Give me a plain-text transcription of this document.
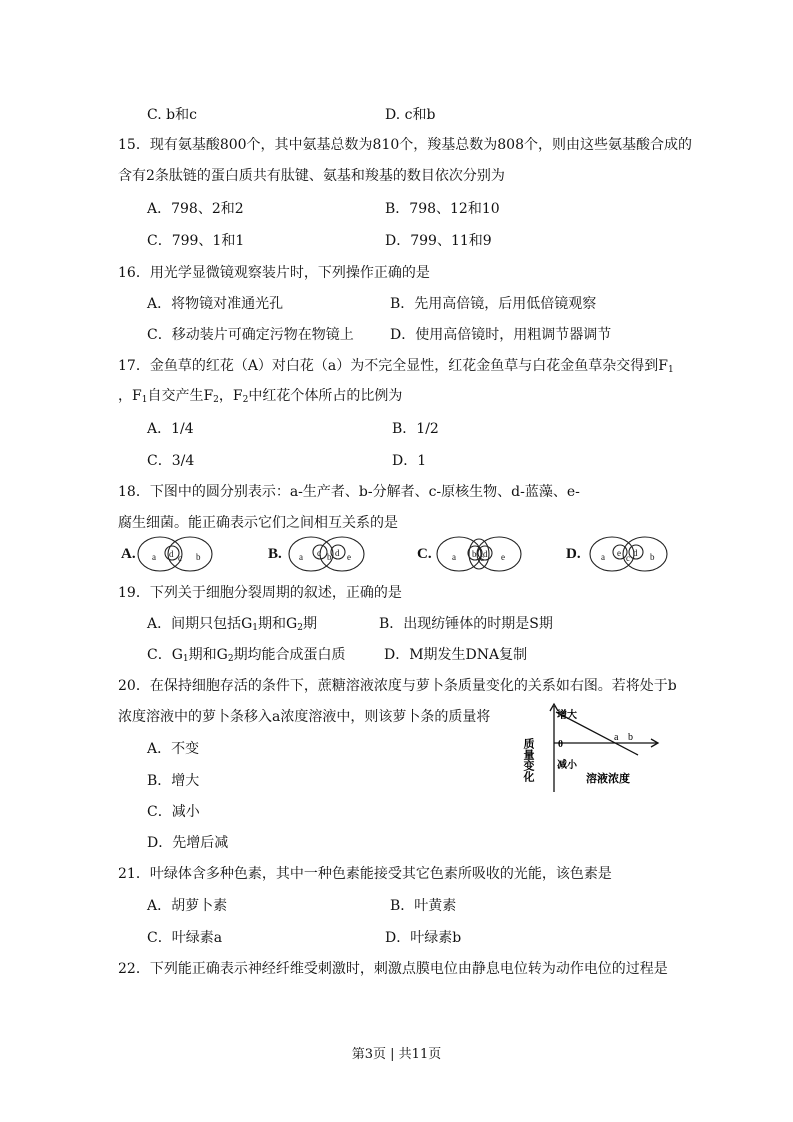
C. b和c	D. c和b
15．现有氨基酸800个，其中氨基总数为810个，羧基总数为808个，则由这些氨基酸合成的
含有2条肽链的蛋白质共有肽键、氨基和羧基的数目依次分别为
A．798、2和2	B．798、12和10
C．799、1和1	D．799、11和9
16．用光学显微镜观察装片时，下列操作正确的是
A．将物镜对准通光孔	B．先用高倍镜，后用低倍镜观察
C．移动装片可确定污物在物镜上	D．使用高倍镜时，用粗调节器调节
17．金鱼草的红花（A）对白花（a）为不完全显性，红花金鱼草与白花金鱼草杂交得到$F_1$
，$F_1$自交产生$F_2$，$F_2$中红花个体所占的比例为
A．1/4	B．1/2
C．3/4	D．1
18．下图中的圆分别表示：a-生产者、b-分解者、c-原核生物、d-蓝藻、e-
腐生细菌。能正确表示它们之间相互关系的是
A.	B.	C.	D.
a d c b	a c b d e	a b c d e	a e c d b
19．下列关于细胞分裂周期的叙述，正确的是
A．间期只包括$G_1$期和$G_2$期	B．出现纺锤体的时期是S期
C．$G_1$期和$G_2$期均能合成蛋白质	D．M期发生DNA复制
20．在保持细胞存活的条件下，蔗糖溶液浓度与萝卜条质量变化的关系如右图。若将处于b
浓度溶液中的萝卜条移入a浓度溶液中，则该萝卜条的质量将
A．不变
B．增大
C．减小
D．先增后减
质量变化
增大
0
减小
a b
溶液浓度
21．叶绿体含多种色素，其中一种色素能接受其它色素所吸收的光能，该色素是
A．胡萝卜素	B．叶黄素
C．叶绿素a	D．叶绿素b
22．下列能正确表示神经纤维受刺激时，刺激点膜电位由静息电位转为动作电位的过程是
第3页 | 共11页
